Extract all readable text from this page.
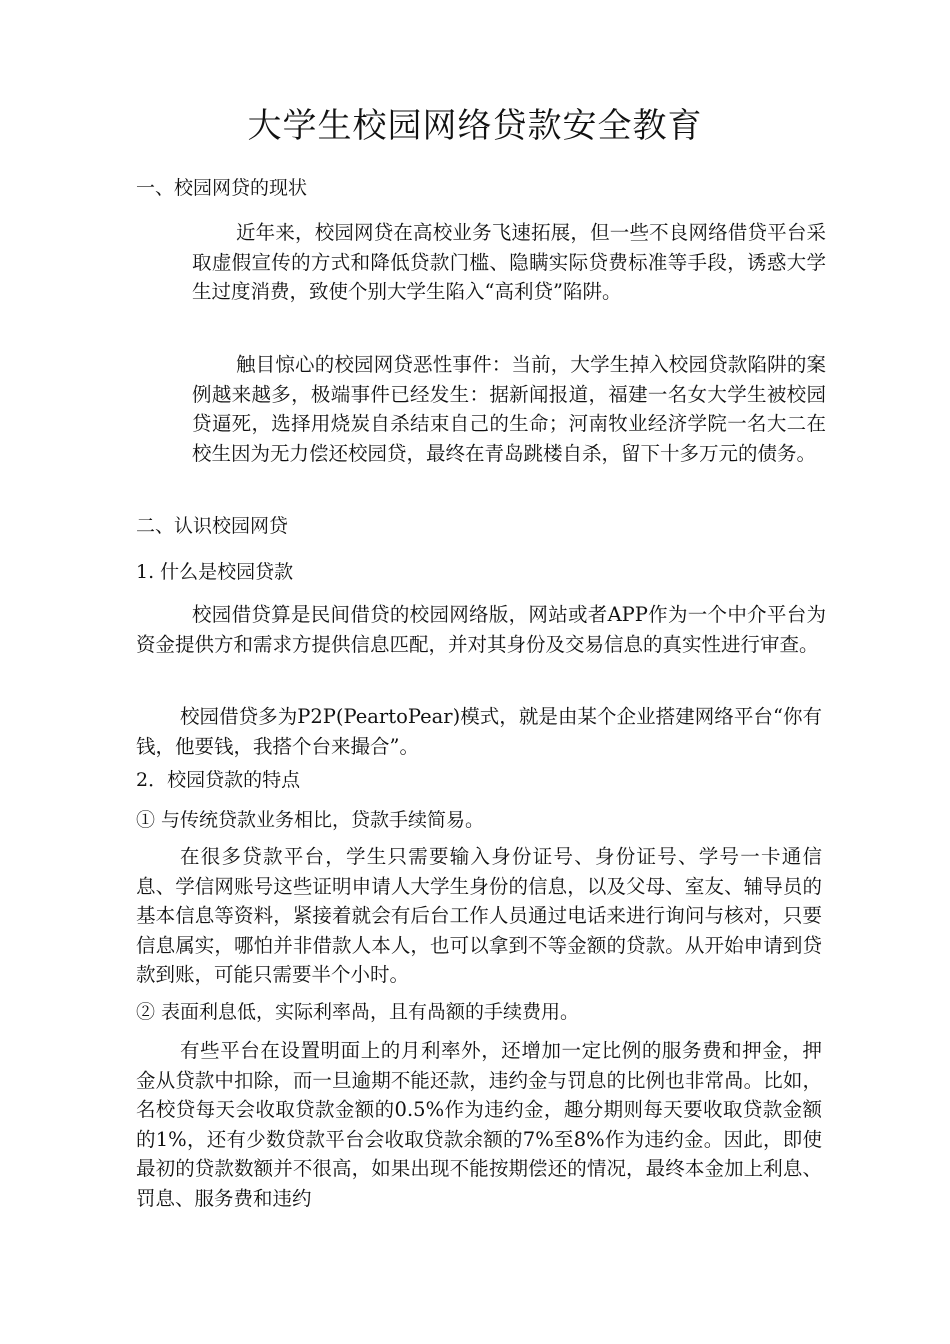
大学生校园网络贷款安全教育
一、校园网贷的现状
近年来，校园网贷在高校业务飞速拓展，但一些不良网络借贷平台采取虚假宣传的方式和降低贷款门槛、隐瞒实际贷费标准等手段，诱惑大学生过度消费，致使个别大学生陷入“高利贷”陷阱。
触目惊心的校园网贷恶性事件：当前，大学生掉入校园贷款陷阱的案例越来越多，极端事件已经发生：据新闻报道，福建一名女大学生被校园贷逼死，选择用烧炭自杀结束自己的生命；河南牧业经济学院一名大二在校生因为无力偿还校园贷，最终在青岛跳楼自杀，留下十多万元的债务。
二、认识校园网贷
1. 什么是校园贷款
校园借贷算是民间借贷的校园网络版，网站或者APP作为一个中介平台为资金提供方和需求方提供信息匹配，并对其身份及交易信息的真实性进行审查。
校园借贷多为P2P(PeartoPear)模式，就是由某个企业搭建网络平台“你有钱，他要钱，我搭个台来撮合”。
2．校园贷款的特点
① 与传统贷款业务相比，贷款手续简易。
在很多贷款平台，学生只需要输入身份证号、身份证号、学号一卡通信息、学信网账号这些证明申请人大学生身份的信息，以及父母、室友、辅导员的基本信息等资料，紧接着就会有后台工作人员通过电话来进行询问与核对，只要信息属实，哪怕并非借款人本人，也可以拿到不等金额的贷款。从开始申请到贷款到账，可能只需要半个小时。
② 表面利息低，实际利率咼，且有咼额的手续费用。
有些平台在设置明面上的月利率外，还增加一定比例的服务费和押金，押金从贷款中扣除，而一旦逾期不能还款，违约金与罚息的比例也非常咼。比如，名校贷每天会收取贷款金额的0.5%作为违约金，趣分期则每天要收取贷款金额的1%，还有少数贷款平台会收取贷款余额的7%至8%作为违约金。因此，即使最初的贷款数额并不很高，如果出现不能按期偿还的情况，最终本金加上利息、罚息、服务费和违约
